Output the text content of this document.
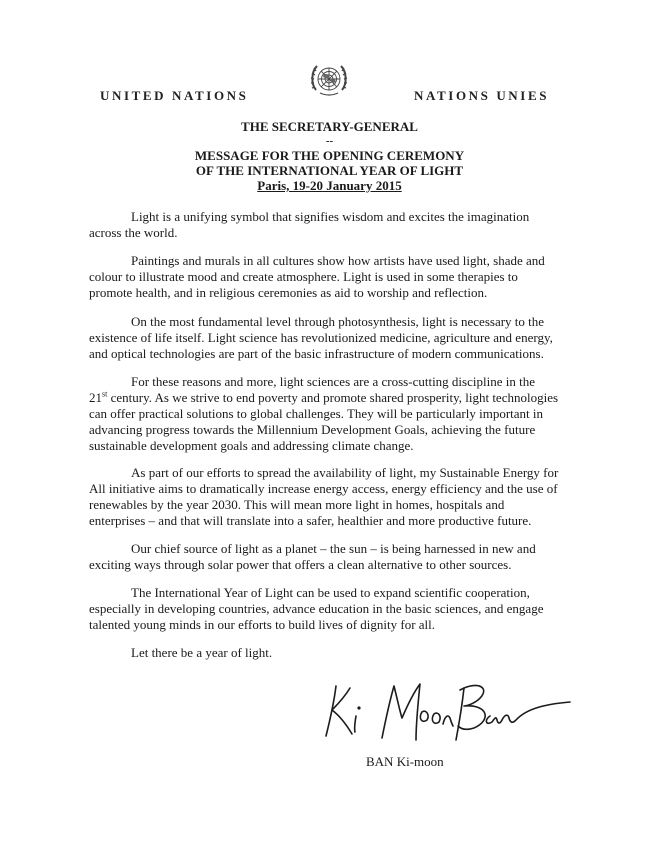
UNITED NATIONS	NATIONS UNIES
THE SECRETARY-GENERAL
--
MESSAGE FOR THE OPENING CEREMONY
OF THE INTERNATIONAL YEAR OF LIGHT
Paris, 19-20 January 2015

Light is a unifying symbol that signifies wisdom and excites the imagination across the world.

Paintings and murals in all cultures show how artists have used light, shade and colour to illustrate mood and create atmosphere. Light is used in some therapies to promote health, and in religious ceremonies as aid to worship and reflection.

On the most fundamental level through photosynthesis, light is necessary to the existence of life itself. Light science has revolutionized medicine, agriculture and energy, and optical technologies are part of the basic infrastructure of modern communications.

For these reasons and more, light sciences are a cross-cutting discipline in the
21st century. As we strive to end poverty and promote shared prosperity, light technologies can offer practical solutions to global challenges. They will be particularly important in advancing progress towards the Millennium Development Goals, achieving the future sustainable development goals and addressing climate change.

As part of our efforts to spread the availability of light, my Sustainable Energy for All initiative aims to dramatically increase energy access, energy efficiency and the use of renewables by the year 2030. This will mean more light in homes, hospitals and enterprises – and that will translate into a safer, healthier and more productive future.

Our chief source of light as a planet – the sun – is being harnessed in new and exciting ways through solar power that offers a clean alternative to other sources.

The International Year of Light can be used to expand scientific cooperation, especially in developing countries, advance education in the basic sciences, and engage talented young minds in our efforts to build lives of dignity for all.

Let there be a year of light.

BAN Ki-moon
